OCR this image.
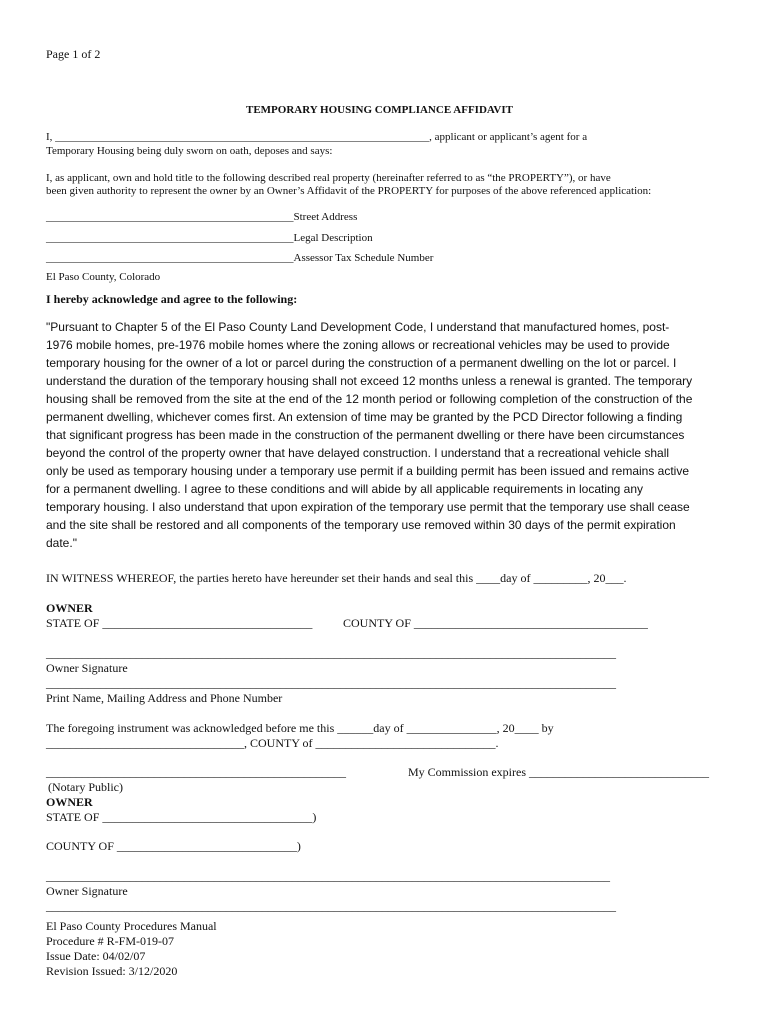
Page 1 of 2
TEMPORARY HOUSING COMPLIANCE AFFIDAVIT
I, ____________________________________________________________________, applicant or applicant’s agent for a
Temporary Housing being duly sworn on oath, deposes and says:
I, as applicant, own and hold title to the following described real property (hereinafter referred to as “the PROPERTY”), or have
been given authority to represent the owner by an Owner’s Affidavit of the PROPERTY for purposes of the above referenced application:
_____________________________________________Street Address
_____________________________________________Legal Description
_____________________________________________Assessor Tax Schedule Number
El Paso County, Colorado
I hereby acknowledge and agree to the following:
"Pursuant to Chapter 5 of the El Paso County Land Development Code, I understand that manufactured homes, post-
1976 mobile homes, pre-1976 mobile homes where the zoning allows or recreational vehicles may be used to provide
temporary housing for the owner of a lot or parcel during the construction of a permanent dwelling on the lot or parcel. I
understand the duration of the temporary housing shall not exceed 12 months unless a renewal is granted. The temporary
housing shall be removed from the site at the end of the 12 month period or following completion of the construction of the
permanent dwelling, whichever comes first. An extension of time may be granted by the PCD Director following a finding
that significant progress has been made in the construction of the permanent dwelling or there have been circumstances
beyond the control of the property owner that have delayed construction. I understand that a recreational vehicle shall
only be used as temporary housing under a temporary use permit if a building permit has been issued and remains active
for a permanent dwelling. I agree to these conditions and will abide by all applicable requirements in locating any
temporary housing. I also understand that upon expiration of the temporary use permit that the temporary use shall cease
and the site shall be restored and all components of the temporary use removed within 30 days of the permit expiration
date."
IN WITNESS WHEREOF, the parties hereto have hereunder set their hands and seal this ____day of _________, 20___.
OWNER
STATE OF ___________________________________	COUNTY OF _______________________________________
_______________________________________________________________________________________________
Owner Signature
_______________________________________________________________________________________________
Print Name, Mailing Address and Phone Number
The foregoing instrument was acknowledged before me this ______day of _______________, 20____ by
_________________________________, COUNTY of ______________________________.
__________________________________________________	My Commission expires ______________________________
(Notary Public)
OWNER
STATE OF ___________________________________)
COUNTY OF ______________________________)
______________________________________________________________________________________________
Owner Signature
_______________________________________________________________________________________________
El Paso County Procedures Manual
Procedure # R-FM-019-07
Issue Date: 04/02/07
Revision Issued: 3/12/2020
